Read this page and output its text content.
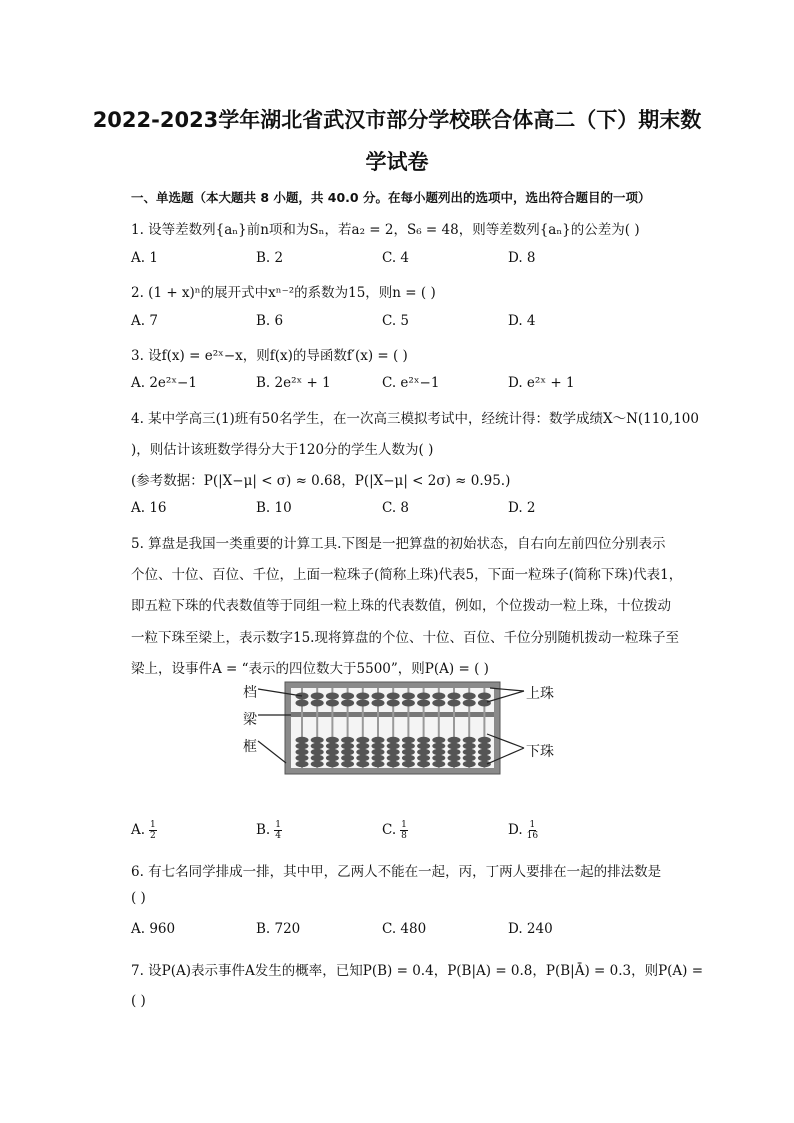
2022-2023学年湖北省武汉市部分学校联合体高二（下）期末数
学试卷
一、单选题（本大题共 8 小题，共 40.0 分。在每小题列出的选项中，选出符合题目的一项）
1. 设等差数列{aₙ}前n项和为Sₙ，若a₂ = 2，S₆ = 48，则等差数列{aₙ}的公差为( )
A. 1	B. 2	C. 4	D. 8
2. (1 + x)ⁿ的展开式中xⁿ⁻²的系数为15，则n = ( )
A. 7	B. 6	C. 5	D. 4
3. 设f(x) = e²ˣ−x，则f(x)的导函数f′(x) = ( )
A. 2e²ˣ−1	B. 2e²ˣ + 1	C. e²ˣ−1	D. e²ˣ + 1
4. 某中学高三(1)班有50名学生，在一次高三模拟考试中，经统计得：数学成绩X～N(110,100
)，则估计该班数学得分大于120分的学生人数为( )
(参考数据：P(|X−μ| < σ) ≈ 0.68，P(|X−μ| < 2σ) ≈ 0.95.)
A. 16	B. 10	C. 8	D. 2
5. 算盘是我国一类重要的计算工具.下图是一把算盘的初始状态，自右向左前四位分别表示
个位、十位、百位、千位，上面一粒珠子(简称上珠)代表5，下面一粒珠子(简称下珠)代表1，
即五粒下珠的代表数值等于同组一粒上珠的代表数值，例如，个位拨动一粒上珠，十位拨动
一粒下珠至梁上，表示数字15.现将算盘的个位、十位、百位、千位分别随机拨动一粒珠子至
梁上，设事件A = “表示的四位数大于5500”，则P(A) = ( )
档
梁
框
上珠
下珠
A. $\frac{1}{2}$	B. $\frac{1}{4}$	C. $\frac{1}{8}$	D. $\frac{1}{16}$
6. 有七名同学排成一排，其中甲，乙两人不能在一起，丙，丁两人要排在一起的排法数是
( )
A. 960	B. 720	C. 480	D. 240
7. 设P(A)表示事件A发生的概率，已知P(B) = 0.4，P(B|A) = 0.8，P(B|Ā) = 0.3，则P(A) =
( )
